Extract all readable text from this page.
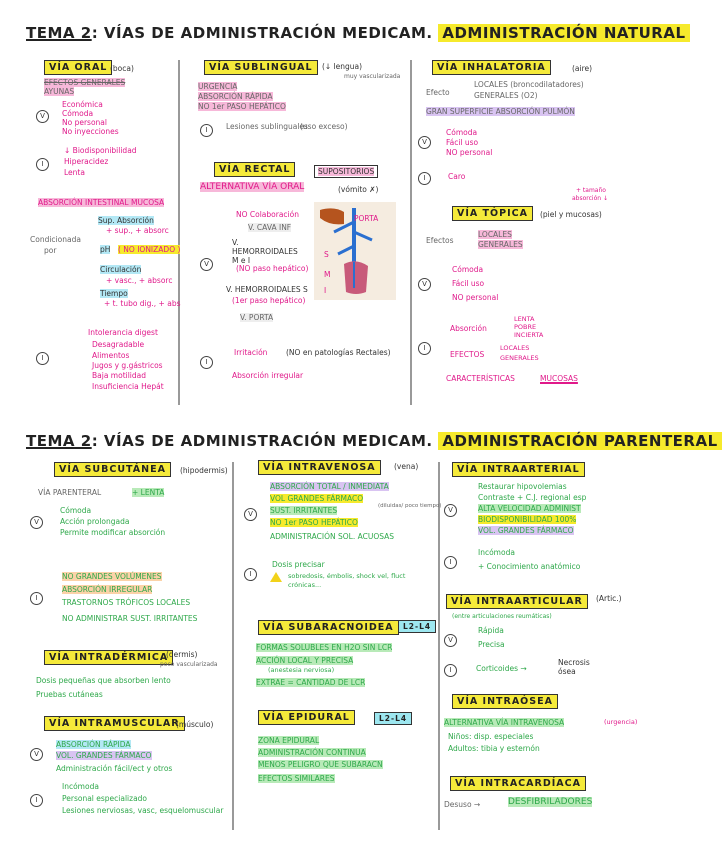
TEMA 2: VÍAS DE ADMINISTRACIÓN MEDICAM. ADMINISTRACIÓN NATURAL
VÍA ORAL (boca)
EFECTOS GENERALES
AYUNAS
V
Económica
Cómoda
No personal
No inyecciones
I
↓ Biodisponibilidad
Hiperacidez
Lenta
ABSORCIÓN INTESTINAL MUCOSA
Condicionada
por
Sup. Absorción
+ sup., + absorc
pH ( NO IONIZADO )
Circulación
+ vasc., + absorc
Tiempo
+ t. tubo dig., + abs
I
Intolerancia digest
Desagradable
Alimentos
Jugos y g.gástricos
Baja motilidad
Insuficiencia Hepát
VÍA SUBLINGUAL	(↓ lengua)
muy vascularizada
URGENCIA
ABSORCIÓN RÁPIDA
NO 1er PASO HEPÁTICO
I	Lesiones sublinguales
(uso exceso)
VÍA RECTAL	SUPOSITORIOS
ALTERNATIVA VÍA ORAL	(vómito ✗)
NO Colaboración
V. CAVA INF
V. HEMORROIDALES M e I
V	(NO paso hepático)
V. HEMORROIDALES S
(1er paso hepático)
V. PORTA
PORTA
S
M
I
I
Irritación (NO en patologías Rectales)
Absorción irregular
VÍA INHALATORIA	(aire)
Efecto
LOCALES (broncodilatadores)
GENERALES (O2)
GRAN SUPERFICIE ABSORCIÓN PULMÓN
V
Cómoda
Fácil uso
NO personal
I	Caro
VÍA TÓPICA	(piel y mucosas)
+ tamaño
absorción ↓
Efectos
LOCALES
GENERALES
V
Cómoda
Fácil uso
NO personal
I
Absorción
LENTA
POBRE
INCIERTA
EFECTOS
LOCALES
GENERALES
CARACTERÍSTICAS	MUCOSAS
TEMA 2: VÍAS DE ADMINISTRACIÓN MEDICAM. ADMINISTRACIÓN PARENTERAL
VÍA SUBCUTÁNEA	(hipodermis)
VÍA PARENTERAL	+ LENTA
V
Cómoda
Acción prolongada
Permite modificar absorción
I
NO GRANDES VOLÚMENES
ABSORCIÓN IRREGULAR
TRASTORNOS TRÓFICOS LOCALES
NO ADMINISTRAR SUST. IRRITANTES
VÍA INTRADÉRMICA
(dermis)
poco vascularizada
Dosis pequeñas que absorben lento
Pruebas cutáneas
VÍA INTRAMUSCULAR
(músculo)
V
ABSORCIÓN RÁPIDA
VOL. GRANDES FÁRMACO
Administración fácil/ect y otros
I
Incómoda
Personal especializado
Lesiones nerviosas, vasc, esquelomuscular
VÍA INTRAVENOSA	(vena)
V
ABSORCIÓN TOTAL / INMEDIATA
VOL GRANDES FÁRMACO
SUST. IRRITANTES	(diluidas/ poco tiempo)
NO 1er PASO HEPÁTICO
ADMINISTRACIÓN SOL. ACUOSAS
I
Dosis precisar
sobredosis, émbolis, shock vel, fluct crónicas...
VÍA SUBARACNOIDEA	L2-L4
FORMAS SOLUBLES EN H2O SIN LCR
ACCIÓN LOCAL Y PRECISA
(anestesia nerviosa)
EXTRAE = CANTIDAD DE LCR
VÍA EPIDURAL	L2-L4
ZONA EPIDURAL
ADMINISTRACIÓN CONTINUA
MENOS PELIGRO QUE SUBARACN
EFECTOS SIMILARES
VÍA INTRAARTERIAL
V
Restaurar hipovolemias
Contraste + C.J. regional esp
ALTA VELOCIDAD ADMINIST
BIODISPONIBILIDAD 100%
VOL. GRANDES FÁRMACO
I
Incómoda
+ Conocimiento anatómico
VÍA INTRAARTICULAR	(Artic.)
(entre articulaciones reumáticas)
V
Rápida
Precisa
I	Corticoides →
Necrosis ósea
VÍA INTRAÓSEA
ALTERNATIVA VÍA INTRAVENOSA	(urgencia)
Niños: disp. especiales
Adultos: tibia y esternón
VÍA INTRACARDÍACA
Desuso →	DESFIBRILADORES
